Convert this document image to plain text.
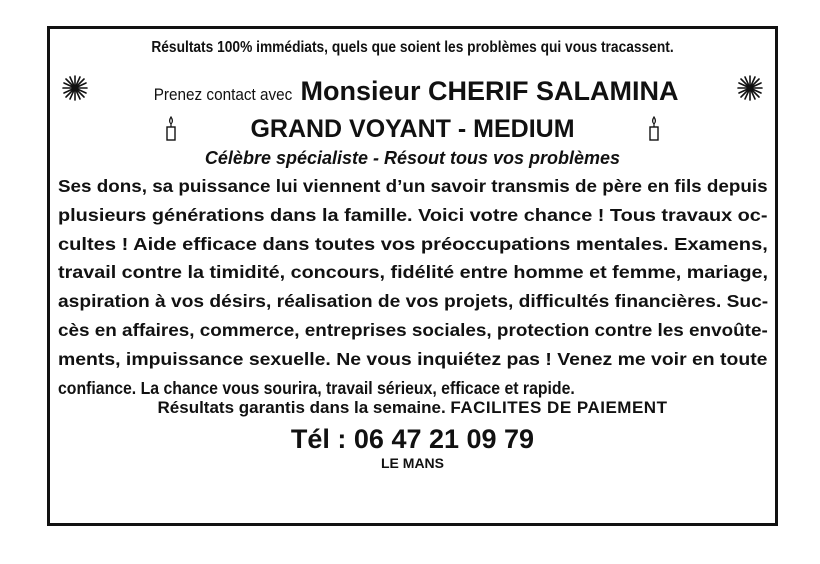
Résultats 100% immédiats, quels que soient les problèmes qui vous tracassent.
Prenez contact avecMonsieur CHERIF SALAMINA
GRAND VOYANT - MEDIUM
Célèbre spécialiste - Résout tous vos problèmes
Ses dons, sa puissance lui viennent d’un savoir transmis de père en fils depuis
plusieurs générations dans la famille. Voici votre chance ! Tous travaux oc-
cultes ! Aide efficace dans toutes vos préoccupations mentales. Examens,
travail contre la timidité, concours, fidélité entre homme et femme, mariage,
aspiration à vos désirs, réalisation de vos projets, difficultés financières. Suc-
cès en affaires, commerce, entreprises sociales, protection contre les envoûte-
ments, impuissance sexuelle. Ne vous inquiétez pas ! Venez me voir en toute
confiance. La chance vous sourira, travail sérieux, efficace et rapide.
Résultats garantis dans la semaine. FACILITES DE PAIEMENT
Tél : 06 47 21 09 79
LE MANS
